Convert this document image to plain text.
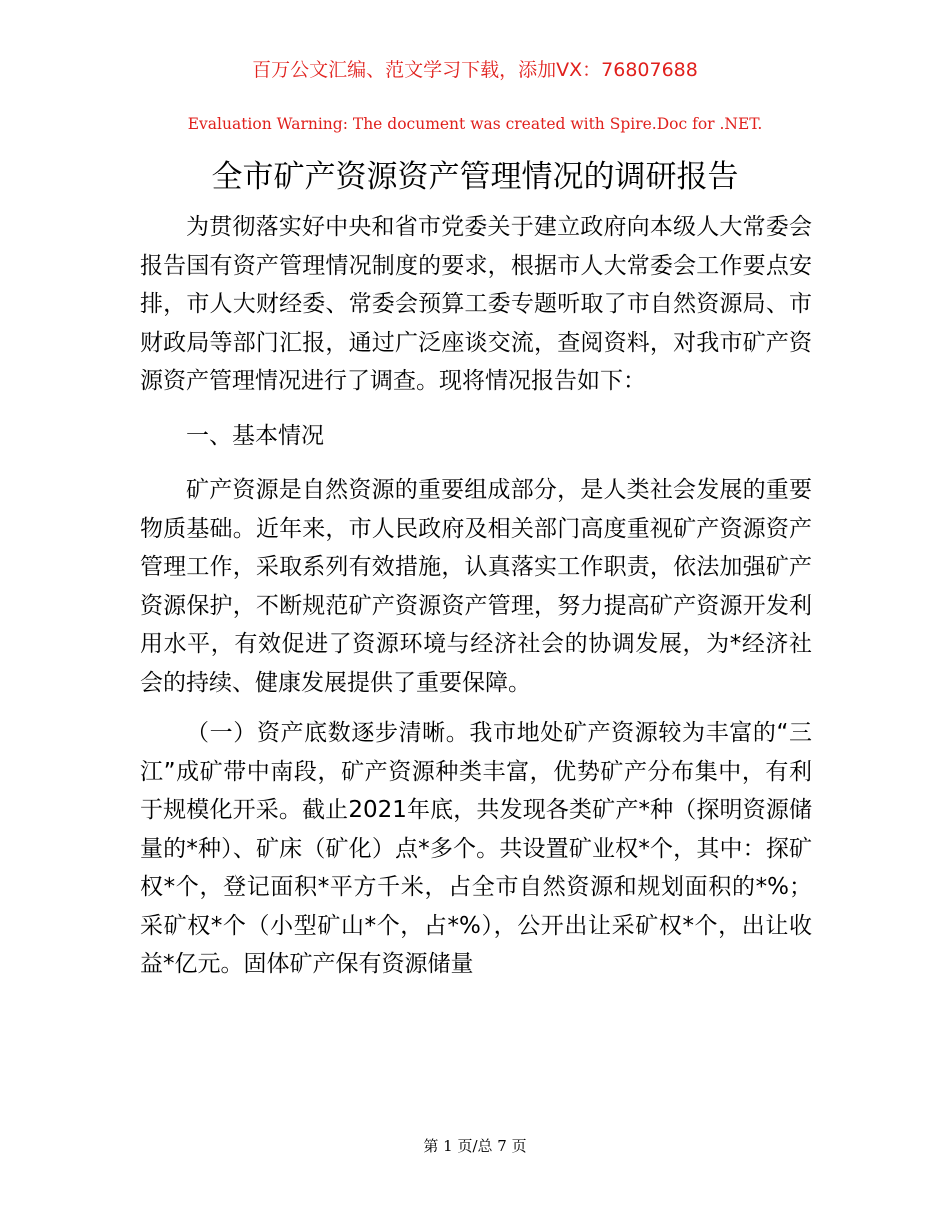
百万公文汇编、范文学习下载，添加VX：76807688
Evaluation Warning: The document was created with Spire.Doc for .NET.
全市矿产资源资产管理情况的调研报告

为贯彻落实好中央和省市党委关于建立政府向本级人大常委会报告国有资产管理情况制度的要求，根据市人大常委会工作要点安排，市人大财经委、常委会预算工委专题听取了市自然资源局、市财政局等部门汇报，通过广泛座谈交流，查阅资料，对我市矿产资源资产管理情况进行了调查。现将情况报告如下：

一、基本情况

矿产资源是自然资源的重要组成部分，是人类社会发展的重要物质基础。近年来，市人民政府及相关部门高度重视矿产资源资产管理工作，采取系列有效措施，认真落实工作职责，依法加强矿产资源保护，不断规范矿产资源资产管理，努力提高矿产资源开发利用水平，有效促进了资源环境与经济社会的协调发展，为*经济社会的持续、健康发展提供了重要保障。

（一）资产底数逐步清晰。我市地处矿产资源较为丰富的“三江”成矿带中南段，矿产资源种类丰富，优势矿产分布集中，有利于规模化开采。截止2021年底，共发现各类矿产*种（探明资源储量的*种）、矿床（矿化）点*多个。共设置矿业权*个，其中：探矿权*个，登记面积*平方千米，占全市自然资源和规划面积的*%；采矿权*个（小型矿山*个，占*%），公开出让采矿权*个，出让收益*亿元。固体矿产保有资源储量

第 1 页/总 7 页
